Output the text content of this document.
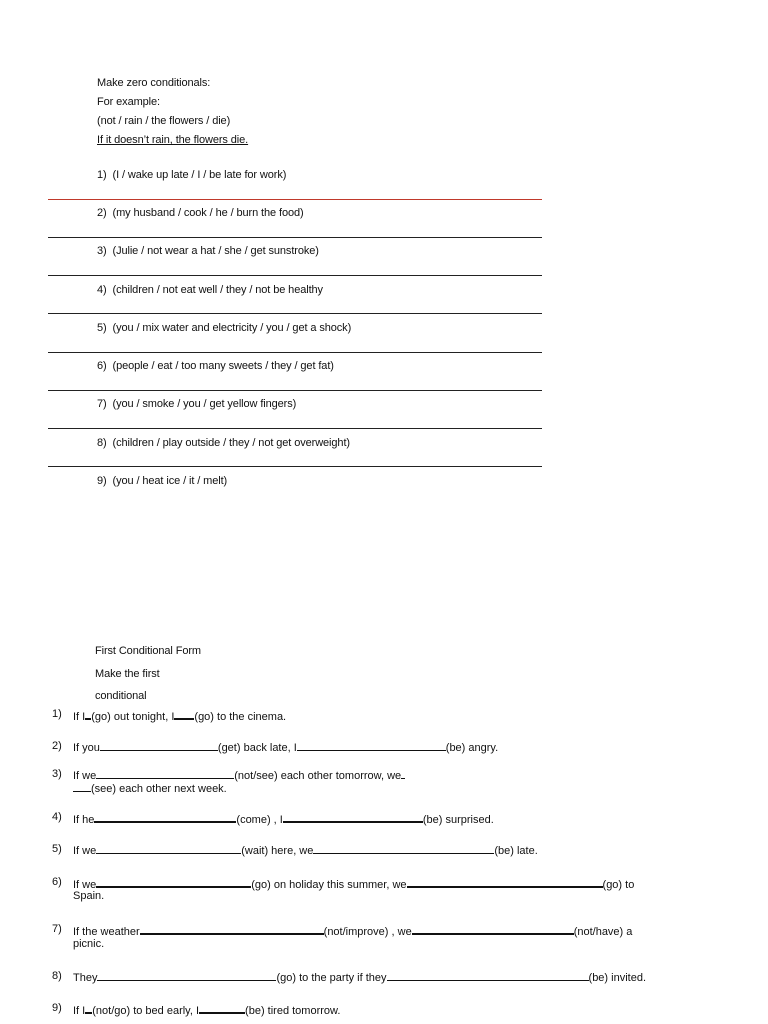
Make zero conditionals:
For example:
(not / rain / the flowers / die)
If it doesn’t rain, the flowers die.
1) (I / wake up late / I / be late for work)
2) (my husband / cook / he / burn the food)
3) (Julie / not wear a hat / she / get sunstroke)
4) (children / not eat well / they / not be healthy
5) (you / mix water and electricity / you / get a shock)
6) (people / eat / too many sweets / they / get fat)
7) (you / smoke / you / get yellow fingers)
8) (children / play outside / they / not get overweight)
9) (you / heat ice / it / melt)
First Conditional Form
Make the first
conditional
1) If I (go) out tonight, I (go) to the cinema.
2) If you	(get) back late, I	(be) angry.
3) If we	(not/see) each other tomorrow, we
(see) each other next week.
4) If he	(come) , I	(be) surprised.
5) If we	(wait) here, we	(be) late.
6) If we	(go) on holiday this summer, we	(go) to
Spain.
7) If the weather	(not/improve) , we	(not/have) a
picnic.
8) They	(go) to the party if they	(be) invited.
9) If I (not/go) to bed early, I	(be) tired tomorrow.
